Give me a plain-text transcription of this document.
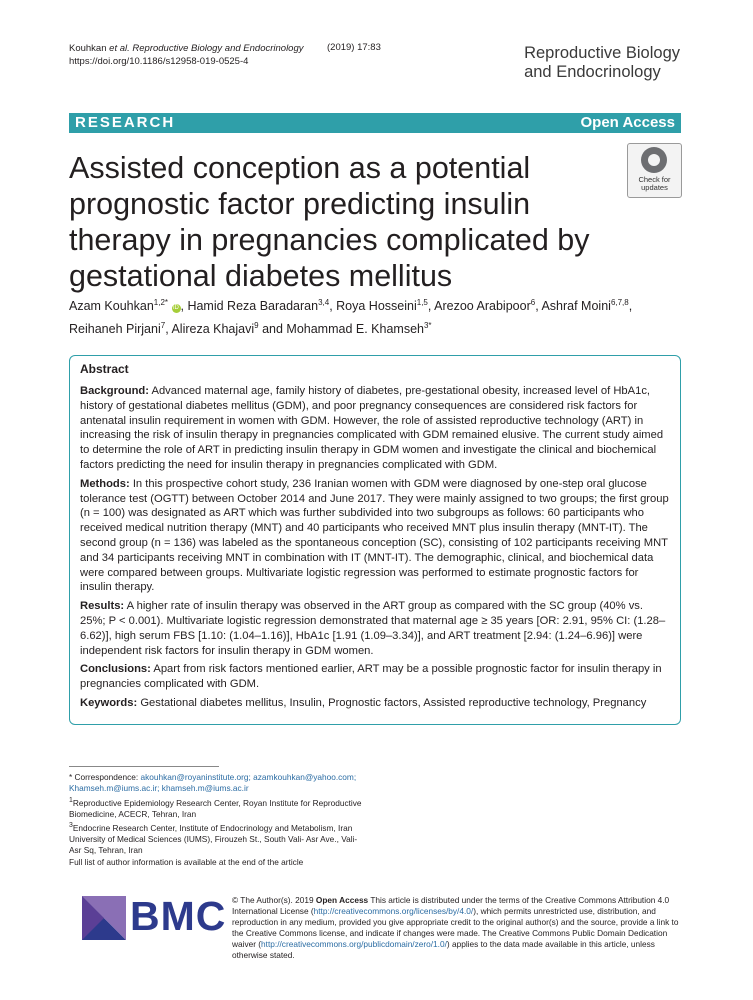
Kouhkan et al. Reproductive Biology and Endocrinology
https://doi.org/10.1186/s12958-019-0525-4
(2019) 17:83	Reproductive Biology
and Endocrinology
RESEARCH	Open Access
Assisted conception as a potential prognostic factor predicting insulin therapy in pregnancies complicated by gestational diabetes mellitus
Check for
updates
Azam Kouhkan$^{1,2*}$ iD , Hamid Reza Baradaran$^{3,4}$, Roya Hosseini$^{1,5}$, Arezoo Arabipoor$^6$, Ashraf Moini$^{6,7,8}$, Reihaneh Pirjani$^7$, Alireza Khajavi$^9$ and Mohammad E. Khamseh$^{3*}$
Abstract

Background: Advanced maternal age, family history of diabetes, pre-gestational obesity, increased level of HbA1c, history of gestational diabetes mellitus (GDM), and poor pregnancy consequences are considered risk factors for antenatal insulin requirement in women with GDM. However, the role of assisted reproductive technology (ART) in increasing the risk of insulin therapy in pregnancies complicated with GDM remained elusive. The current study aimed to determine the role of ART in predicting insulin therapy in GDM women and investigate the clinical and biochemical factors predicting the need for insulin therapy in pregnancies complicated with GDM.

Methods: In this prospective cohort study, 236 Iranian women with GDM were diagnosed by one-step oral glucose tolerance test (OGTT) between October 2014 and June 2017. They were mainly assigned to two groups; the first group (n = 100) was designated as ART which was further subdivided into two subgroups as follows: 60 participants who received medical nutrition therapy (MNT) and 40 participants who received MNT plus insulin therapy (MNT-IT). The second group (n = 136) was labeled as the spontaneous conception (SC), consisting of 102 participants receiving MNT and 34 participants receiving MNT in combination with IT (MNT-IT). The demographic, clinical, and biochemical data were compared between groups. Multivariate logistic regression was performed to estimate prognostic factors for insulin therapy.

Results: A higher rate of insulin therapy was observed in the ART group as compared with the SC group (40% vs. 25%; P < 0.001). Multivariate logistic regression demonstrated that maternal age ≥ 35 years [OR: 2.91, 95% CI: (1.28–6.62)], high serum FBS [1.10: (1.04–1.16)], HbA1c [1.91 (1.09–3.34)], and ART treatment [2.94: (1.24–6.96)] were independent risk factors for insulin therapy in GDM women.

Conclusions: Apart from risk factors mentioned earlier, ART may be a possible prognostic factor for insulin therapy in pregnancies complicated with GDM.

Keywords: Gestational diabetes mellitus, Insulin, Prognostic factors, Assisted reproductive technology, Pregnancy

* Correspondence: akouhkan@royaninstitute.org; azamkouhkan@yahoo.com; Khamseh.m@iums.ac.ir; khamseh.m@iums.ac.ir
$^1$Reproductive Epidemiology Research Center, Royan Institute for Reproductive Biomedicine, ACECR, Tehran, Iran
$^3$Endocrine Research Center, Institute of Endocrinology and Metabolism, Iran University of Medical Sciences (IUMS), Firouzeh St., South Vali- Asr Ave., Vali-Asr Sq, Tehran, Iran
Full list of author information is available at the end of the article
BMC © The Author(s). 2019 Open Access This article is distributed under the terms of the Creative Commons Attribution 4.0 International License (http://creativecommons.org/licenses/by/4.0/), which permits unrestricted use, distribution, and reproduction in any medium, provided you give appropriate credit to the original author(s) and the source, provide a link to the Creative Commons license, and indicate if changes were made. The Creative Commons Public Domain Dedication waiver (http://creativecommons.org/publicdomain/zero/1.0/) applies to the data made available in this article, unless otherwise stated.
